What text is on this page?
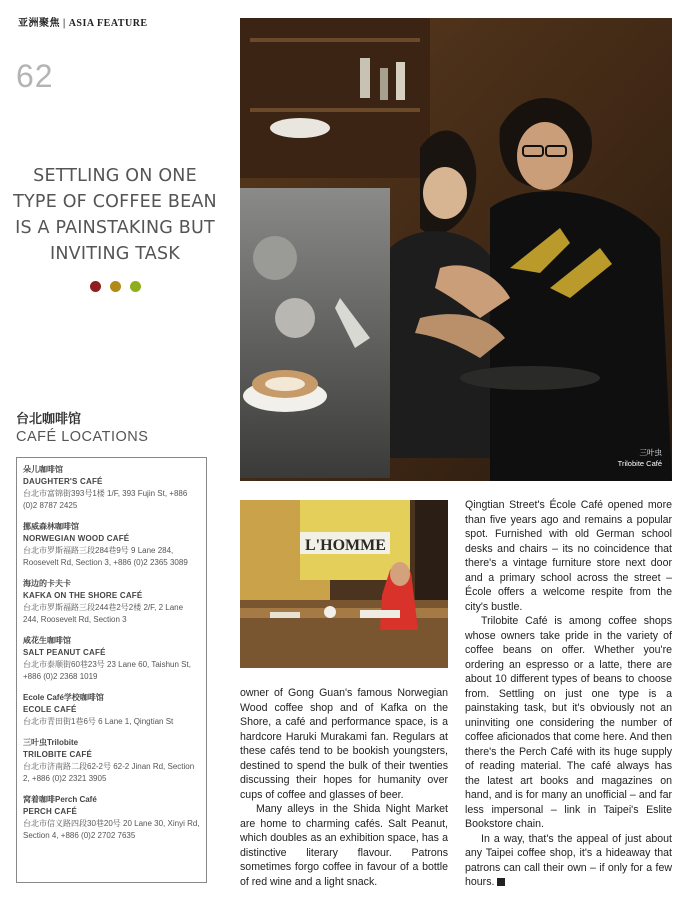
亚洲聚焦 | ASIA FEATURE
62
SETTLING ON ONE TYPE OF COFFEE BEAN IS A PAINSTAKING BUT INVITING TASK
台北咖啡馆
CAFÉ LOCATIONS
朵儿咖啡馆
DAUGHTER'S CAFÉ
台北市富锦街393号1楼 1/F, 393 Fujin St, +886 (0)2 8787 2425
挪威森林咖啡馆
NORWEGIAN WOOD CAFÉ
台北市罗斯福路三段284巷9号 9 Lane 284, Roosevelt Rd, Section 3, +886 (0)2 2365 3089
海边的卡夫卡
KAFKA ON THE SHORE CAFÉ
台北市罗斯福路三段244巷2号2楼 2/F, 2 Lane 244, Roosevelt Rd, Section 3
咸花生咖啡馆
SALT PEANUT CAFÉ
台北市泰顺街60巷23号 23 Lane 60, Taishun St, +886 (0)2 2368 1019
Ecole Café学校咖啡馆
ECOLE CAFÉ
台北市青田街1巷6号 6 Lane 1, Qingtian St
三叶虫Trilobite
TRILOBITE CAFÉ
台北市济南路二段62-2号 62-2 Jinan Rd, Section 2, +886 (0)2 2321 3905
窝着咖啡Perch Café
PERCH CAFÉ
台北市信义路四段30巷20号 20 Lane 30, Xinyi Rd, Section 4, +886 (0)2 2702 7635
三叶虫
Trilobite Café
L'HOMME

owner of Gong Guan's famous Norwegian Wood coffee shop and of Kafka on the Shore, a café and performance space, is a hardcore Haruki Murakami fan. Regulars at these cafés tend to be bookish youngsters, destined to spend the bulk of their twenties discussing their hopes for humanity over cups of coffee and glasses of beer.

Many alleys in the Shida Night Market are home to charming cafés. Salt Peanut, which doubles as an exhibition space, has a distinctive literary flavour. Patrons sometimes forgo coffee in favour of a bottle of red wine and a light snack.

Qingtian Street's École Café opened more than five years ago and remains a popular spot. Furnished with old German school desks and chairs – its no coincidence that there's a vintage furniture store next door and a primary school across the street – École offers a welcome respite from the city's bustle.

Trilobite Café is among coffee shops whose owners take pride in the variety of coffee beans on offer. Whether you're ordering an espresso or a latte, there are about 10 different types of beans to choose from. Settling on just one type is a painstaking task, but it's obviously not an uninviting one considering the number of coffee aficionados that come here. And then there's the Perch Café with its huge supply of reading material. The café always has the latest art books and magazines on hand, and is for many an unofficial – and far less impersonal – link in Taipei's Eslite Bookstore chain.

In a way, that's the appeal of just about any Taipei coffee shop, it's a hideaway that patrons can call their own – if only for a few hours.
